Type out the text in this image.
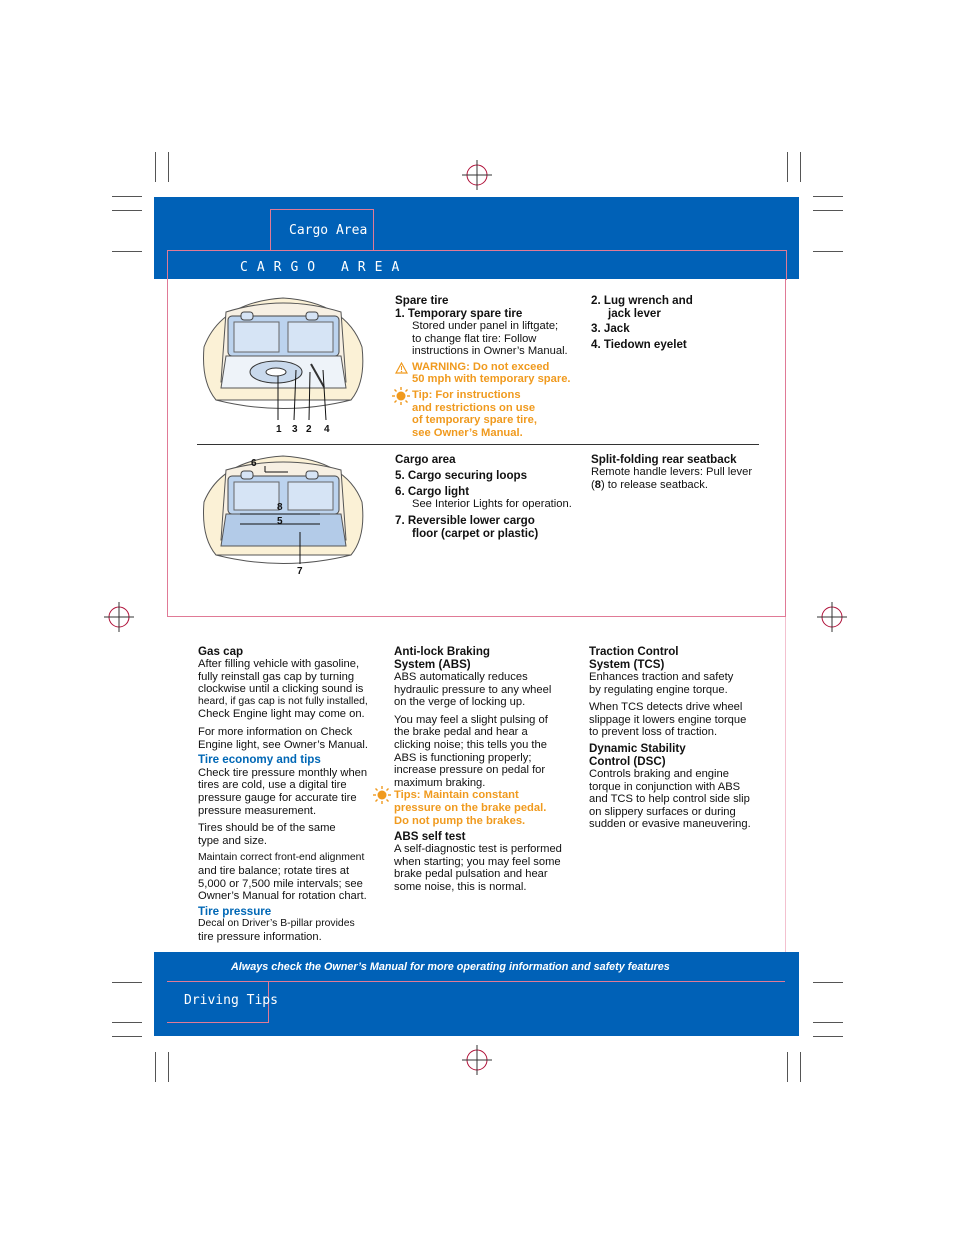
Cargo Area
CARGO AREA
1 3 2 4
Spare tire
1. Temporary spare tire
Stored under panel in liftgate;
to change flat tire: Follow
instructions in Owner’s Manual.
WARNING: Do not exceed
50 mph with temporary spare.
Tip: For instructions
and restrictions on use
of temporary spare tire,
see Owner’s Manual.
2. Lug wrench and
jack lever
3. Jack
4. Tiedown eyelet
6
8
5
7
Cargo area
5. Cargo securing loops
6. Cargo light
See Interior Lights for operation.
7. Reversible lower cargo
floor (carpet or plastic)
Split-folding rear seatback
Remote handle levers: Pull lever
(8) to release seatback.
Gas cap
After filling vehicle with gasoline,
fully reinstall gas cap by turning
clockwise until a clicking sound is
heard, if gas cap is not fully installed,
Check Engine light may come on.
For more information on Check
Engine light, see Owner’s Manual.
Tire economy and tips
Check tire pressure monthly when
tires are cold, use a digital tire
pressure gauge for accurate tire
pressure measurement.
Tires should be of the same
type and size.
Maintain correct front-end alignment
and tire balance; rotate tires at
5,000 or 7,500 mile intervals; see
Owner’s Manual for rotation chart.
Tire pressure
Decal on Driver’s B-pillar provides
tire pressure information.
Anti-lock Braking
System (ABS)
ABS automatically reduces
hydraulic pressure to any wheel
on the verge of locking up.
You may feel a slight pulsing of
the brake pedal and hear a
clicking noise; this tells you the
ABS is functioning properly;
increase pressure on pedal for
maximum braking.
Tips: Maintain constant
pressure on the brake pedal.
Do not pump the brakes.
ABS self test
A self-diagnostic test is performed
when starting; you may feel some
brake pedal pulsation and hear
some noise, this is normal.
Traction Control
System (TCS)
Enhances traction and safety
by regulating engine torque.
When TCS detects drive wheel
slippage it lowers engine torque
to prevent loss of traction.
Dynamic Stability
Control (DSC)
Controls braking and engine
torque in conjunction with ABS
and TCS to help control side slip
on slippery surfaces or during
sudden or evasive maneuvering.
Always check the Owner’s Manual for more operating information and safety features
Driving Tips
